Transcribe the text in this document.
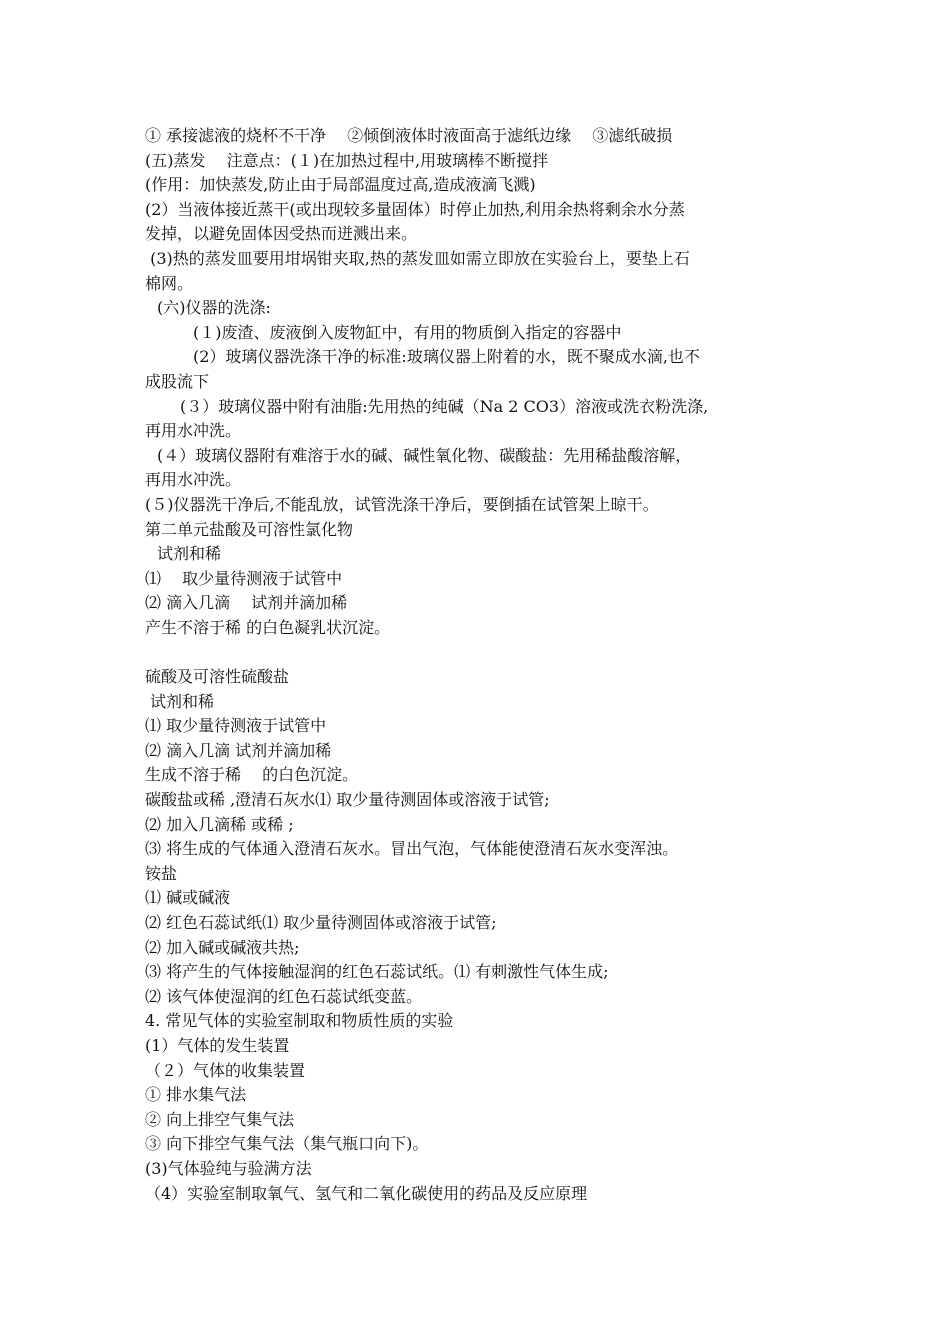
① 承接滤液的烧杯不干净　 ②倾倒液体时液面高于滤纸边缘 　③滤纸破损
(五)蒸发　 注意点：(１)在加热过程中,用玻璃棒不断搅拌
(作用：加快蒸发,防止由于局部温度过高,造成液滴飞溅)
(2）当液体接近蒸干(或出现较多量固体）时停止加热,利用余热将剩余水分蒸
发掉，以避免固体因受热而迸溅出来。
(3)热的蒸发皿要用坩埚钳夹取,热的蒸发皿如需立即放在实验台上，要垫上石
棉网。
(六)仪器的洗涤:
(１)废渣、废液倒入废物缸中，有用的物质倒入指定的容器中
(2）玻璃仪器洗涤干净的标准:玻璃仪器上附着的水，既不聚成水滴,也不
成股流下
(３）玻璃仪器中附有油脂:先用热的纯碱（Na 2 CO3）溶液或洗衣粉洗涤,
再用水冲洗。
(４）玻璃仪器附有难溶于水的碱、碱性氧化物、碳酸盐：先用稀盐酸溶解，
再用水冲洗。
(５)仪器洗干净后,不能乱放，试管洗涤干净后，要倒插在试管架上晾干。
第二单元盐酸及可溶性氯化物
试剂和稀
⑴　 取少量待测液于试管中
⑵ 滴入几滴 　试剂并滴加稀
产生不溶于稀 的白色凝乳状沉淀。
硫酸及可溶性硫酸盐
试剂和稀
⑴ 取少量待测液于试管中
⑵ 滴入几滴 试剂并滴加稀
生成不溶于稀 　的白色沉淀。
碳酸盐或稀 ,澄清石灰水⑴ 取少量待测固体或溶液于试管;
⑵ 加入几滴稀 或稀 ;
⑶ 将生成的气体通入澄清石灰水。冒出气泡，气体能使澄清石灰水变浑浊。
铵盐
⑴ 碱或碱液
⑵ 红色石蕊试纸⑴ 取少量待测固体或溶液于试管;
⑵ 加入碱或碱液共热;
⑶ 将产生的气体接触湿润的红色石蕊试纸。⑴ 有刺激性气体生成;
⑵ 该气体使湿润的红色石蕊试纸变蓝。
4. 常见气体的实验室制取和物质性质的实验
(1）气体的发生装置
（２）气体的收集装置
① 排水集气法
② 向上排空气集气法
③ 向下排空气集气法（集气瓶口向下)。
(3)气体验纯与验满方法
（4）实验室制取氧气、氢气和二氧化碳使用的药品及反应原理
